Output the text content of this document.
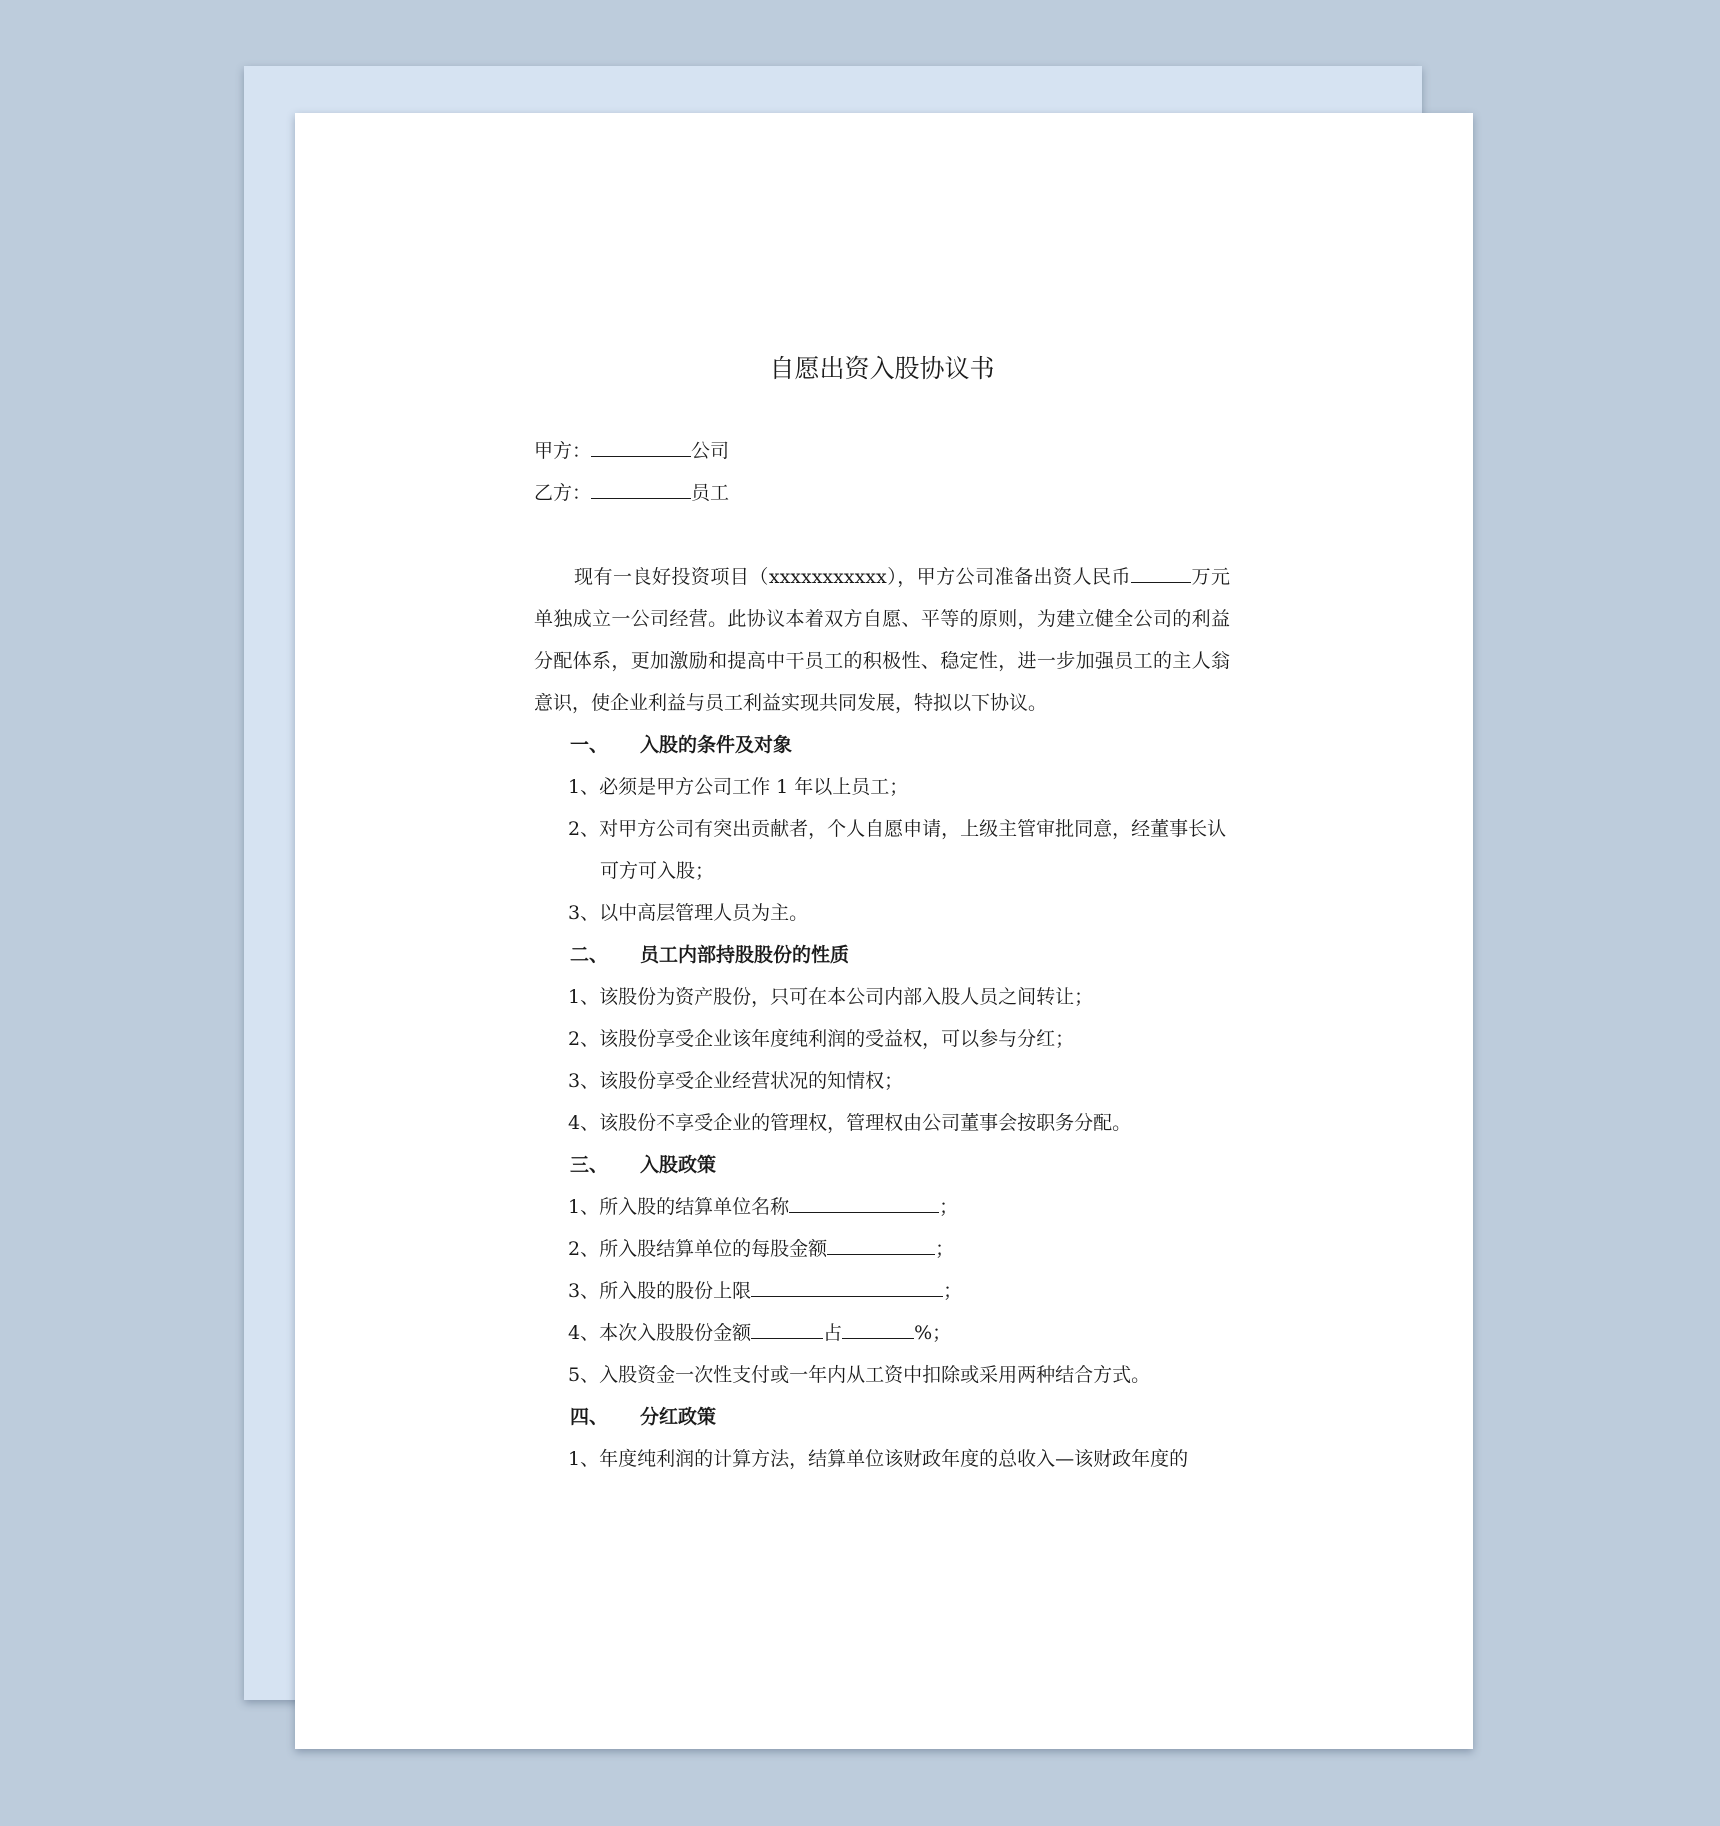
自愿出资入股协议书

甲方：	公司

乙方：	员工

现有一良好投资项目（xxxxxxxxxxx），甲方公司准备出资人民币	万元单独成立一公司经营。此协议本着双方自愿、平等的原则，为建立健全公司的利益分配体系，更加激励和提高中干员工的积极性、稳定性，进一步加强员工的主人翁意识，使企业利益与员工利益实现共同发展，特拟以下协议。

一、 入股的条件及对象

1、必须是甲方公司工作 1 年以上员工；

2、对甲方公司有突出贡献者，个人自愿申请，上级主管审批同意，经董事长认可方可入股；

3、以中高层管理人员为主。

二、 员工内部持股股份的性质

1、该股份为资产股份，只可在本公司内部入股人员之间转让；

2、该股份享受企业该年度纯利润的受益权，可以参与分红；

3、该股份享受企业经营状况的知情权；

4、该股份不享受企业的管理权，管理权由公司董事会按职务分配。

三、 入股政策

1、所入股的结算单位名称	；

2、所入股结算单位的每股金额	；

3、所入股的股份上限	；

4、本次入股股份金额	占	%；

5、入股资金一次性支付或一年内从工资中扣除或采用两种结合方式。

四、 分红政策

1、年度纯利润的计算方法，结算单位该财政年度的总收入—该财政年度的
